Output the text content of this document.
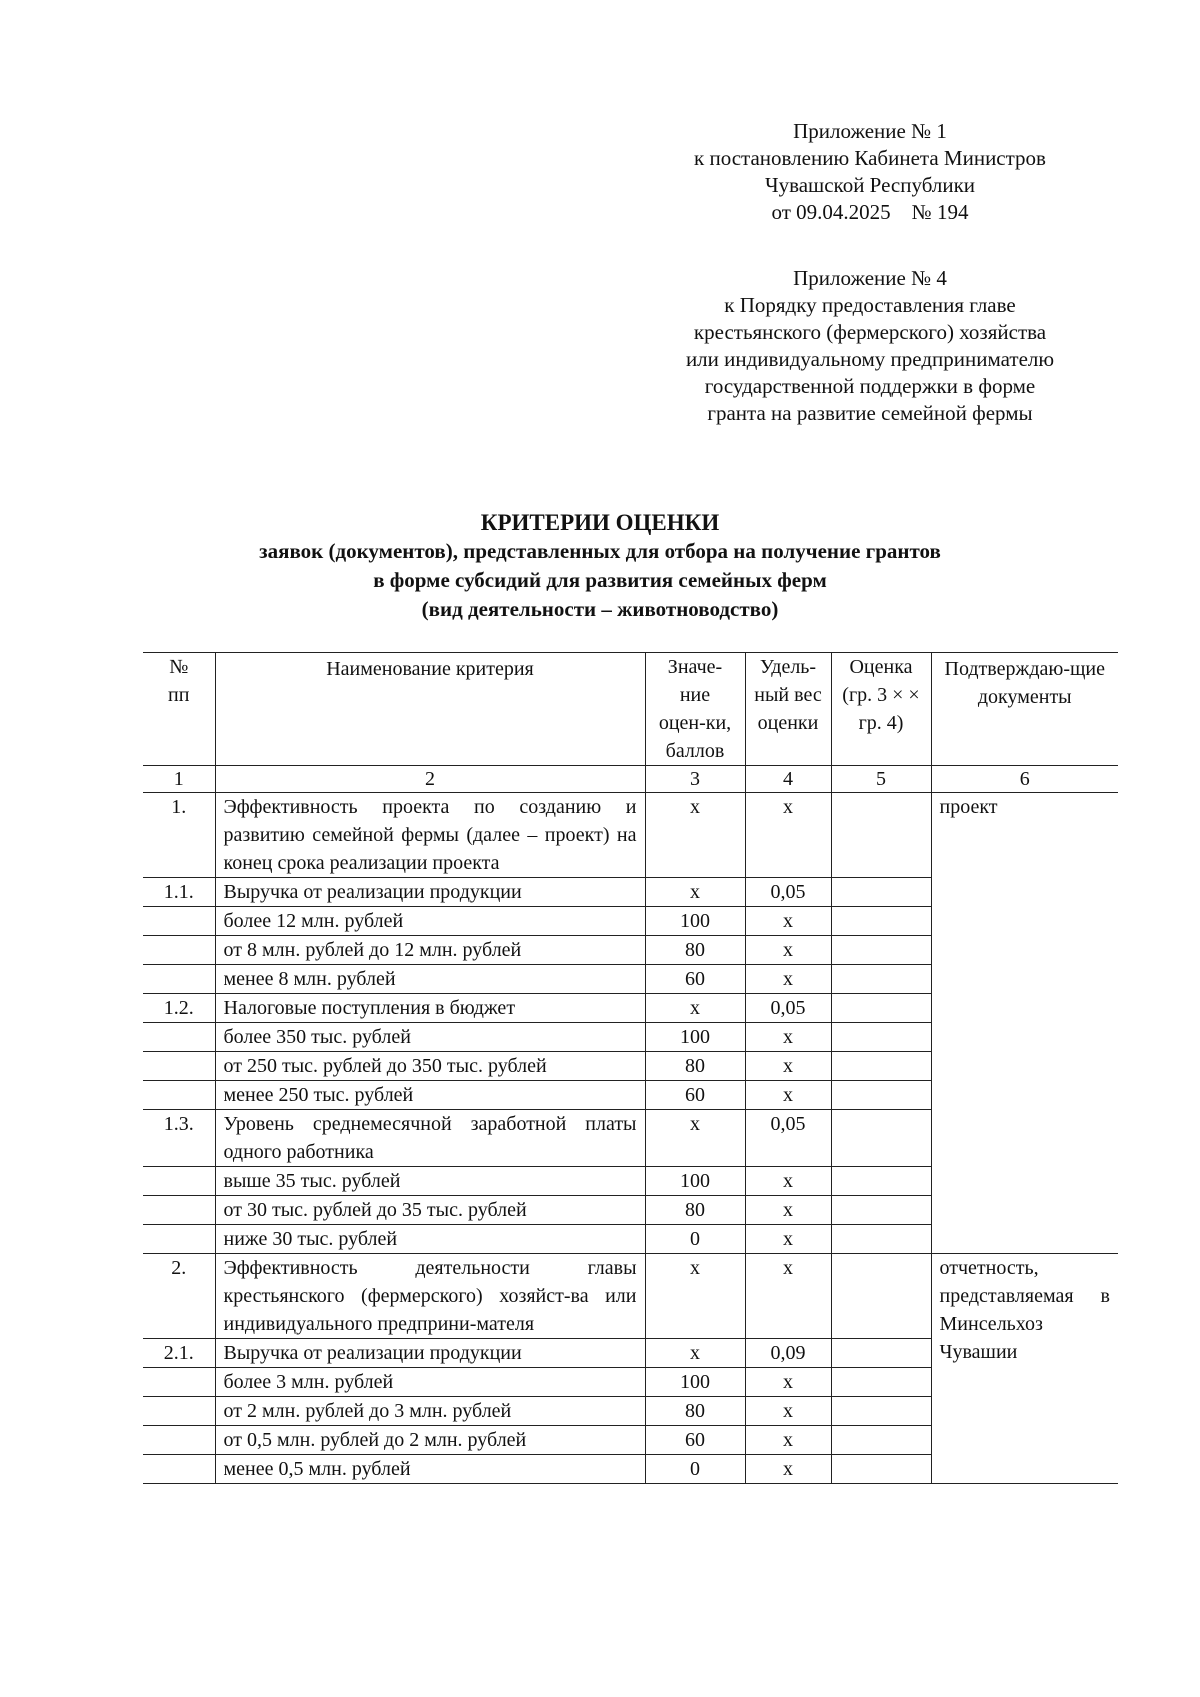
Приложение № 1
к постановлению Кабинета Министров
Чувашской Республики
от 09.04.2025    № 194
Приложение № 4
к Порядку предоставления главе
крестьянского (фермерского) хозяйства
или индивидуальному предпринимателю
государственной поддержки в форме
гранта на развитие семейной фермы
КРИТЕРИИ ОЦЕНКИ
заявок (документов), представленных для отбора на получение грантов
в форме субсидий для развития семейных ферм
(вид деятельности – животноводство)
№ пп	Наименование критерия	Значе-ние оцен-ки, баллов	Удель-ный вес оценки	Оценка (гр. 3 × × гр. 4)	Подтверждаю-щие документы
1	2	3	4	5	6
1.	Эффективность проекта по созданию и развитию семейной фермы (далее – проект) на конец срока реализации проекта	х	х		проект
1.1.	Выручка от реализации продукции	х	0,05		
	более 12 млн. рублей	100	х		
	от 8 млн. рублей до 12 млн. рублей	80	х		
	менее 8 млн. рублей	60	х		
1.2.	Налоговые поступления в бюджет	х	0,05		
	более 350 тыс. рублей	100	х		
	от 250 тыс. рублей до 350 тыс. рублей	80	х		
	менее 250 тыс. рублей	60	х		
1.3.	Уровень среднемесячной заработной платы одного работника	х	0,05		
	выше 35 тыс. рублей	100	х		
	от 30 тыс. рублей до 35 тыс. рублей	80	х		
	ниже 30 тыс. рублей	0	х		
2.	Эффективность деятельности главы крестьянского (фермерского) хозяйст-ва или индивидуального предприни-мателя	х	х		отчетность, представляемая в Минсельхоз Чувашии
2.1.	Выручка от реализации продукции	х	0,09		
	более 3 млн. рублей	100	х		
	от 2 млн. рублей до 3 млн. рублей	80	х		
	от 0,5 млн. рублей до 2 млн. рублей	60	х		
	менее 0,5 млн. рублей	0	х		
